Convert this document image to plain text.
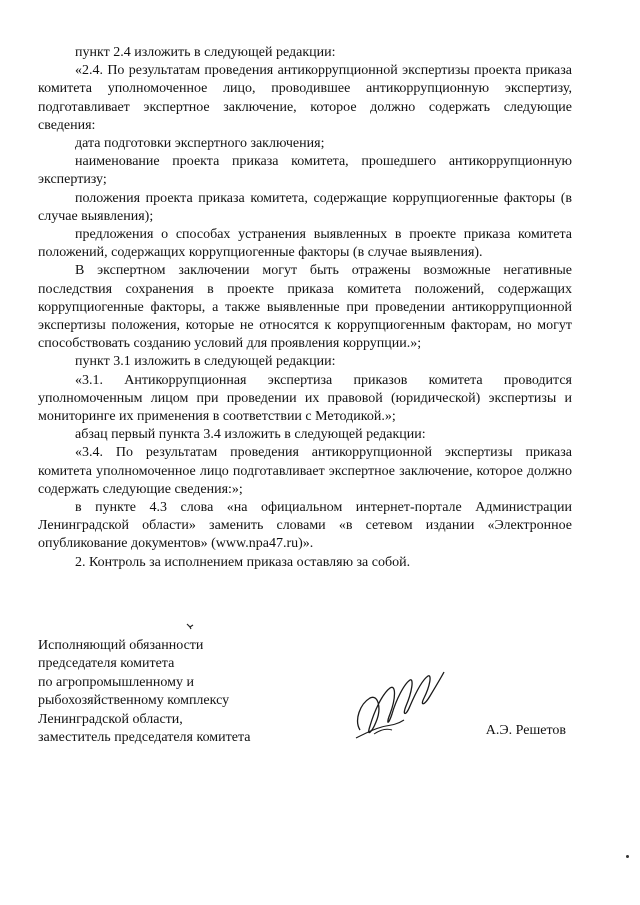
пункт 2.4 изложить в следующей редакции:

«2.4. По результатам проведения антикоррупционной экспертизы проекта приказа комитета уполномоченное лицо, проводившее антикоррупционную экспертизу, подготавливает экспертное заключение, которое должно содержать следующие сведения:

дата подготовки экспертного заключения;

наименование проекта приказа комитета, прошедшего антикоррупционную экспертизу;

положения проекта приказа комитета, содержащие коррупциогенные факторы (в случае выявления);

предложения о способах устранения выявленных в проекте приказа комитета положений, содержащих коррупциогенные факторы (в случае выявления).

В экспертном заключении могут быть отражены возможные негативные последствия сохранения в проекте приказа комитета положений, содержащих коррупциогенные факторы, а также выявленные при проведении антикоррупционной экспертизы положения, которые не относятся к коррупциогенным факторам, но могут способствовать созданию условий для проявления коррупции.»;

пункт 3.1 изложить в следующей редакции:

«3.1. Антикоррупционная экспертиза приказов комитета проводится уполномоченным лицом при проведении их правовой (юридической) экспертизы и мониторинге их применения в соответствии с Методикой.»;

абзац первый пункта 3.4 изложить в следующей редакции:

«3.4. По результатам проведения антикоррупционной экспертизы приказа комитета уполномоченное лицо подготавливает экспертное заключение, которое должно содержать следующие сведения:»;

в пункте 4.3 слова «на официальном интернет-портале Администрации Ленинградской области» заменить словами «в сетевом издании «Электронное опубликование документов» (www.npa47.ru)».

2. Контроль за исполнением приказа оставляю за собой.

Исполняющий обязанности
председателя комитета
по агропромышленному и
рыбохозяйственному комплексу
Ленинградской области,
заместитель председателя комитета	А.Э. Решетов
